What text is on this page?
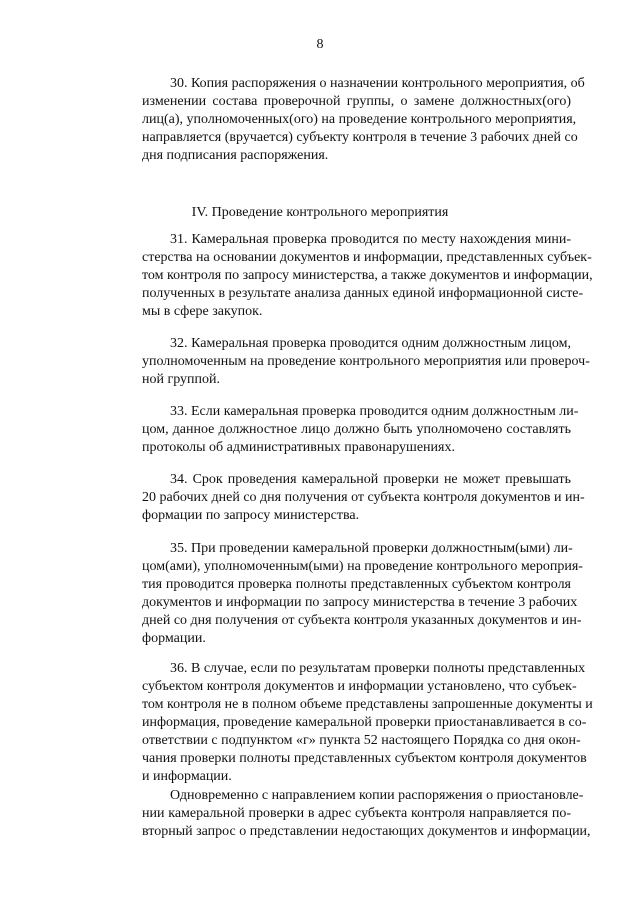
8
30. Копия распоряжения о назначении контрольного мероприятия, об
изменении состава проверочной группы, о замене должностных(ого)
лиц(а), уполномоченных(ого) на проведение контрольного мероприятия,
направляется (вручается) субъекту контроля в течение 3 рабочих дней со
дня подписания распоряжения.
IV. Проведение контрольного мероприятия
31. Камеральная проверка проводится по месту нахождения мини-
стерства на основании документов и информации, представленных субъек-
том контроля по запросу министерства, а также документов и информации,
полученных в результате анализа данных единой информационной систе-
мы в сфере закупок.
32. Камеральная проверка проводится одним должностным лицом,
уполномоченным на проведение контрольного мероприятия или провероч-
ной группой.
33. Если камеральная проверка проводится одним должностным ли-
цом, данное должностное лицо должно быть уполномочено составлять
протоколы об административных правонарушениях.
34. Срок проведения камеральной проверки не может превышать
20 рабочих дней со дня получения от субъекта контроля документов и ин-
формации по запросу министерства.
35. При проведении камеральной проверки должностным(ыми) ли-
цом(ами), уполномоченным(ыми) на проведение контрольного мероприя-
тия проводится проверка полноты представленных субъектом контроля
документов и информации по запросу министерства в течение 3 рабочих
дней со дня получения от субъекта контроля указанных документов и ин-
формации.
36. В случае, если по результатам проверки полноты представленных
субъектом контроля документов и информации установлено, что субъек-
том контроля не в полном объеме представлены запрошенные документы и
информация, проведение камеральной проверки приостанавливается в со-
ответствии с подпунктом «г» пункта 52 настоящего Порядка со дня окон-
чания проверки полноты представленных субъектом контроля документов
и информации.
Одновременно с направлением копии распоряжения о приостановле-
нии камеральной проверки в адрес субъекта контроля направляется по-
вторный запрос о представлении недостающих документов и информации,
